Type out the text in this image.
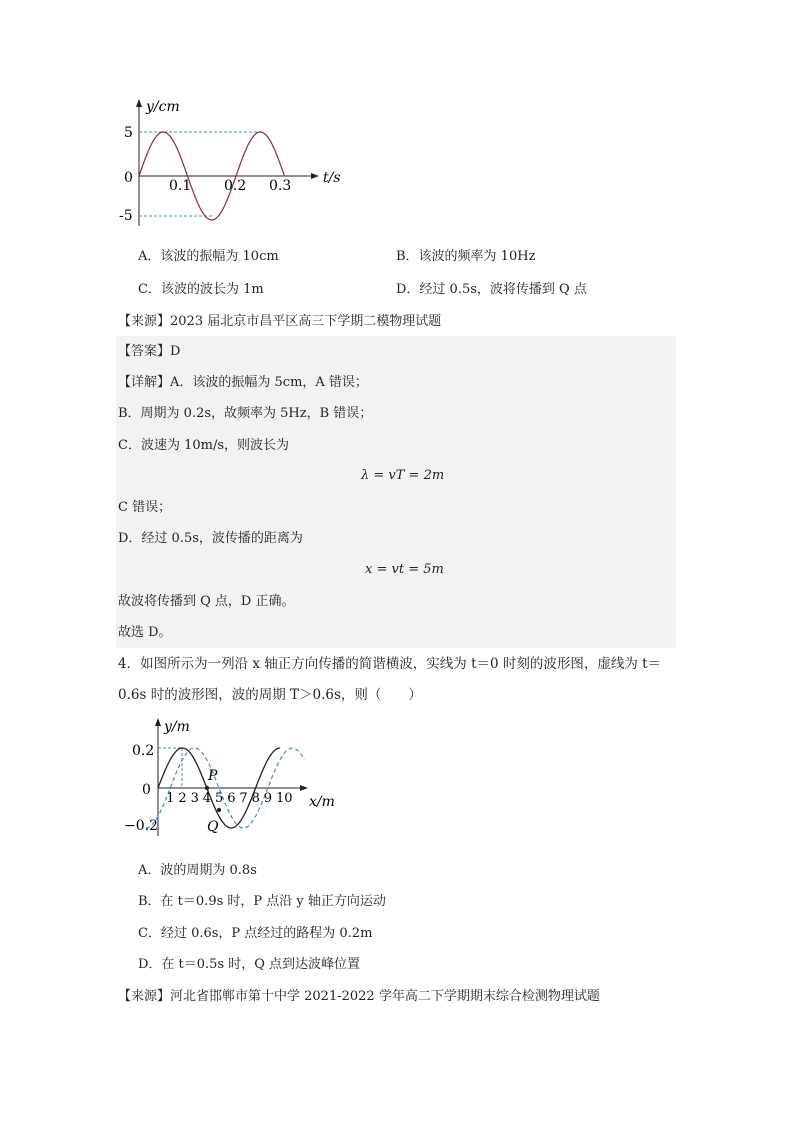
y/cm
t/s
5
0
-5
0.1 0.2 0.3
A．该波的振幅为 10cm	B．该波的频率为 10Hz
C．该波的波长为 1m	D．经过 0.5s，波将传播到 Q 点
【来源】2023 届北京市昌平区高三下学期二模物理试题
【答案】D
【详解】A．该波的振幅为 5cm，A 错误；
B．周期为 0.2s，故频率为 5Hz，B 错误；
C．波速为 10m/s，则波长为
λ = vT = 2m
C 错误；
D．经过 0.5s，波传播的距离为
x = vt = 5m
故波将传播到 Q 点，D 正确。
故选 D。
4．如图所示为一列沿 x 轴正方向传播的简谐横波，实线为 t＝0 时刻的波形图，虚线为 t＝
0.6s 时的波形图，波的周期 T＞0.6s，则（　　）
y/m
x/m
0.2
0
−0.2
1 2 3 4 5 6 7 8 9 10
P
Q
A．波的周期为 0.8s
B．在 t＝0.9s 时，P 点沿 y 轴正方向运动
C．经过 0.6s，P 点经过的路程为 0.2m
D．在 t＝0.5s 时，Q 点到达波峰位置
【来源】河北省邯郸市第十中学 2021-2022 学年高二下学期期末综合检测物理试题
